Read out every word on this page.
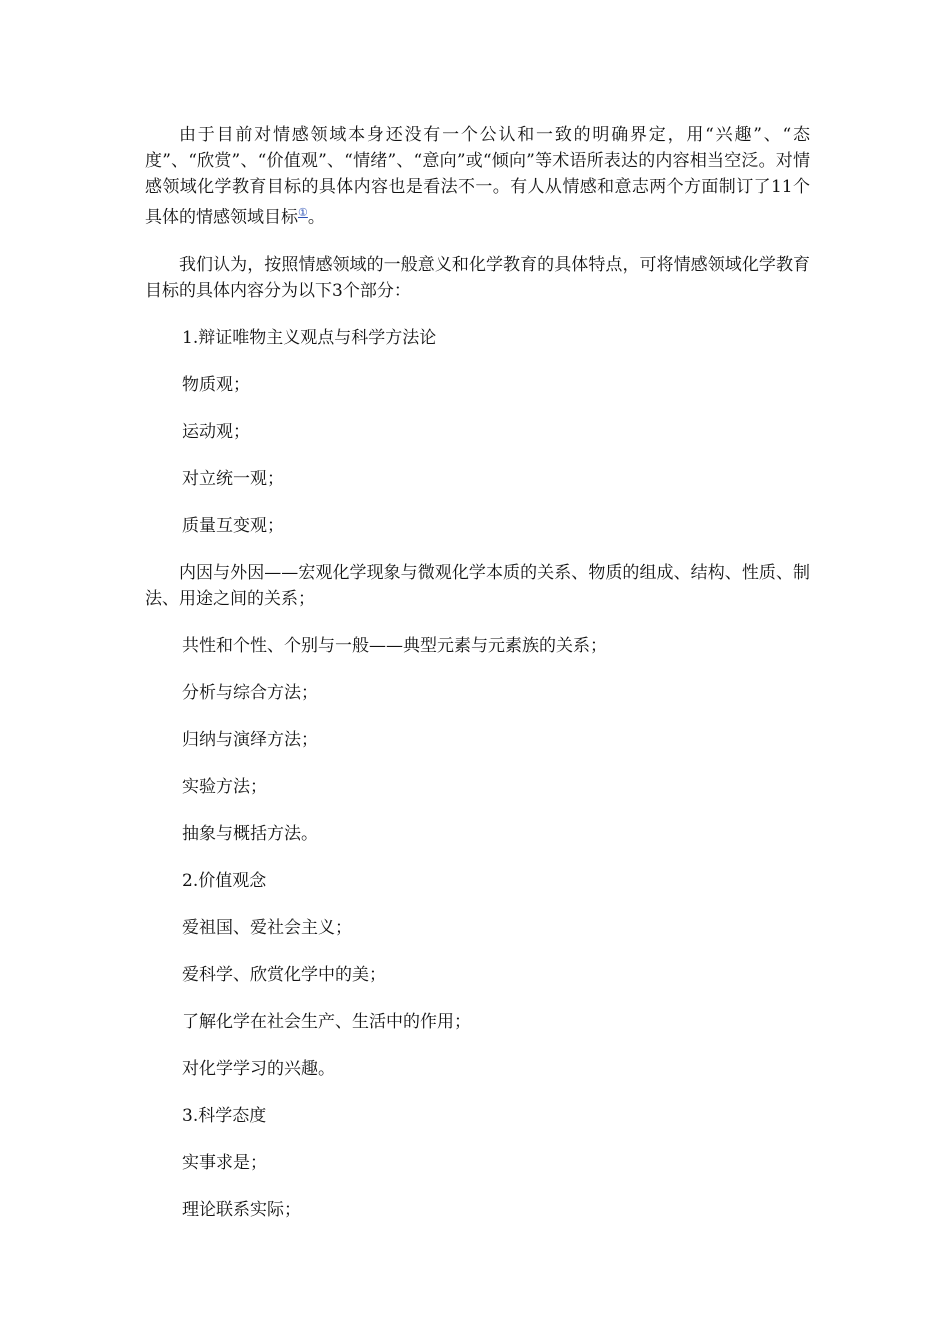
由于目前对情感领域本身还没有一个公认和一致的明确界定，用“兴趣”、“态度”、“欣赏”、“价值观”、“情绪”、“意向”或“倾向”等术语所表达的内容相当空泛。对情感领域化学教育目标的具体内容也是看法不一。有人从情感和意志两个方面制订了11个具体的情感领域目标①。

我们认为，按照情感领域的一般意义和化学教育的具体特点，可将情感领域化学教育目标的具体内容分为以下3个部分：

1.辩证唯物主义观点与科学方法论

物质观；

运动观；

对立统一观；

质量互变观；

内因与外因——宏观化学现象与微观化学本质的关系、物质的组成、结构、性质、制法、用途之间的关系；

共性和个性、个别与一般——典型元素与元素族的关系；

分析与综合方法；

归纳与演绎方法；

实验方法；

抽象与概括方法。

2.价值观念

爱祖国、爱社会主义；

爱科学、欣赏化学中的美；

了解化学在社会生产、生活中的作用；

对化学学习的兴趣。

3.科学态度

实事求是；

理论联系实际；
